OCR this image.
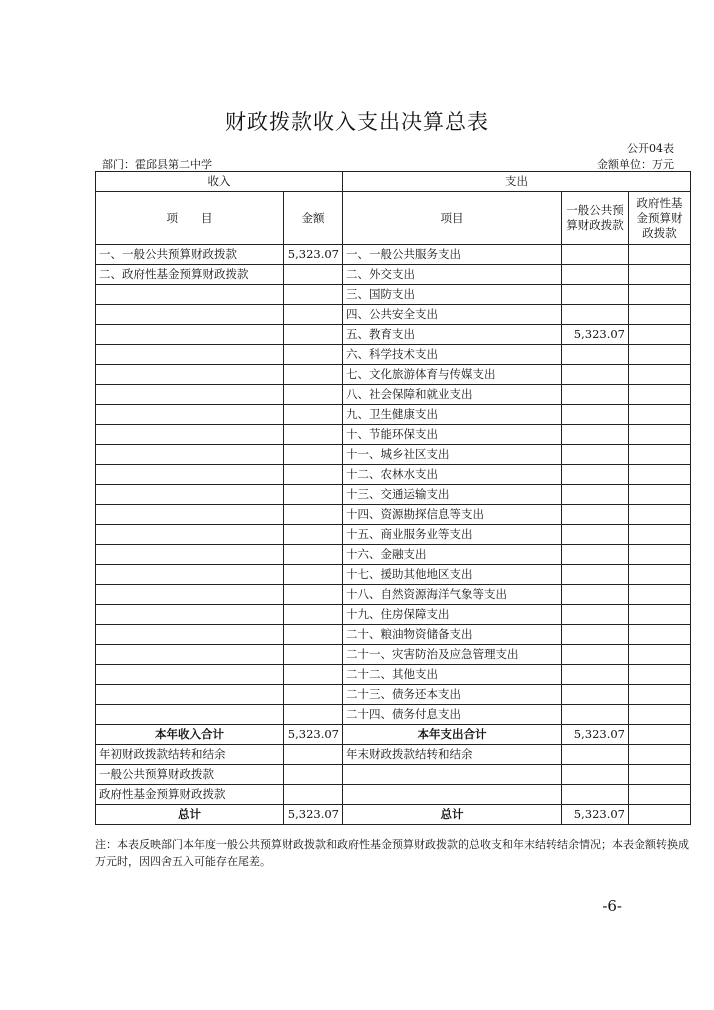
财政拨款收入支出决算总表
公开04表
部门：霍邱县第二中学	金额单位：万元
收入		支出		
项　　目	金额	项目	一般公共预算财政拨款	政府性基金预算财政拨款
一、一般公共预算财政拨款	5,323.07	一、一般公共服务支出		
二、政府性基金预算财政拨款		二、外交支出		
		三、国防支出		
		四、公共安全支出		
		五、教育支出	5,323.07	
		六、科学技术支出		
		七、文化旅游体育与传媒支出		
		八、社会保障和就业支出		
		九、卫生健康支出		
		十、节能环保支出		
		十一、城乡社区支出		
		十二、农林水支出		
		十三、交通运输支出		
		十四、资源勘探信息等支出		
		十五、商业服务业等支出		
		十六、金融支出		
		十七、援助其他地区支出		
		十八、自然资源海洋气象等支出		
		十九、住房保障支出		
		二十、粮油物资储备支出		
		二十一、灾害防治及应急管理支出		
		二十二、其他支出		
		二十三、债务还本支出		
		二十四、债务付息支出		
本年收入合计	5,323.07	本年支出合计	5,323.07	
年初财政拨款结转和结余		年末财政拨款结转和结余		
一般公共预算财政拨款				
政府性基金预算财政拨款				
总计	5,323.07	总计	5,323.07	
注：本表反映部门本年度一般公共预算财政拨款和政府性基金预算财政拨款的总收支和年末结转结余情况；本表金额转换成万元时，因四舍五入可能存在尾差。
-6-
